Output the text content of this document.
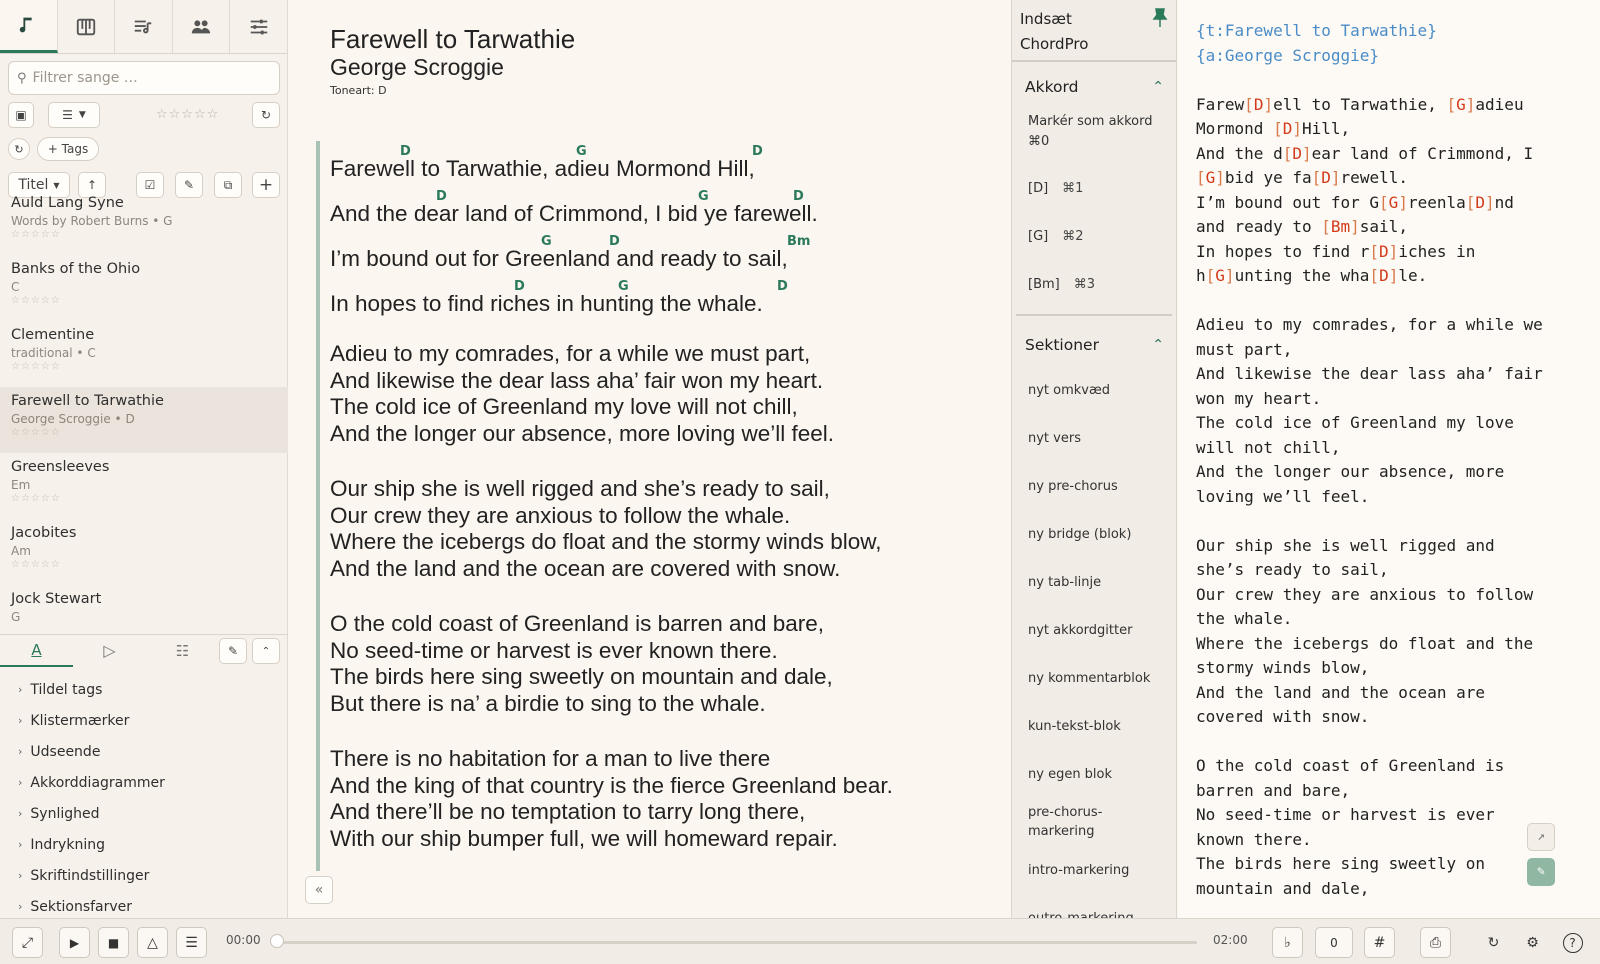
⚲
Filtrer sange …
▣	☰ ▼	☆☆☆☆☆	↻
↻ + Tags
Titel ▼ ↑	☑ ✎ ⧉ +
Auld Lang Syne
Words by Robert Burns • G
☆☆☆☆☆
Banks of the Ohio
C
☆☆☆☆☆
Clementine
traditional • C
☆☆☆☆☆
Farewell to Tarwathie
George Scroggie • D
☆☆☆☆☆
Greensleeves
Em
☆☆☆☆☆
Jacobites
Am
☆☆☆☆☆
Jock Stewart
G
A	▷	☷	✎ ⌃
› Tildel tags
› Klistermærker
› Udseende
› Akkorddiagrammer
› Synlighed
› Indrykning
› Skriftindstillinger
› Sektionsfarver
Farewell to Tarwathie
George Scroggie
Toneart: D

Farewell to Tarwathie, adieu Mormond Hill,

D

	G

	D

And the dear land of Crimmond, I bid ye farewell.

D

	G

	D

I’m bound out for Greenland and ready to sail,

G

	D

	Bm

In hopes to find riches in hunting the whale.

D

	G

	D

Adieu to my comrades, for a while we must part,
And likewise the dear lass aha’ fair won my heart.
The cold ice of Greenland my love will not chill,
And the longer our absence, more loving we’ll feel.
Our ship she is well rigged and she’s ready to sail,
Our crew they are anxious to follow the whale.
Where the icebergs do float and the stormy winds blow,
And the land and the ocean are covered with snow.
O the cold coast of Greenland is barren and bare,
No seed-time or harvest is ever known there.
The birds here sing sweetly on mountain and dale,
But there is na’ a birdie to sing to the whale.
There is no habitation for a man to live there
And the king of that country is the fierce Greenland bear.
And there’ll be no temptation to tarry long there,
With our ship bumper full, we will homeward repair.
«
Indsæt ChordPro
Akkord	⌃
Markér som akkord
⌘0
[D] ⌘1
[G] ⌘2
[Bm] ⌘3
Sektioner	⌃
nyt omkvæd
nyt vers
ny pre-chorus
ny bridge (blok)
ny tab-linje
nyt akkordgitter
ny kommentarblok
kun-tekst-blok
ny egen blok
pre-chorus-markering
intro-markering
{t:Farewell to Tarwathie}
{a:George Scroggie}

Farew[D]ell to Tarwathie, [G]adieu
Mormond [D]Hill,
And the d[D]ear land of Crimmond, I
[G]bid ye fa[D]rewell.
I’m bound out for G[G]reenla[D]nd
and ready to [Bm]sail,
In hopes to find r[D]iches in
h[G]unting the wha[D]le.

Adieu to my comrades, for a while we
must part,
And likewise the dear lass aha’ fair
won my heart.
The cold ice of Greenland my love
will not chill,
And the longer our absence, more
loving we’ll feel.

Our ship she is well rigged and
she’s ready to sail,
Our crew they are anxious to follow
the whale.
Where the icebergs do float and the
stormy winds blow,
And the land and the ocean are
covered with snow.

O the cold coast of Greenland is
barren and bare,
No seed-time or harvest is ever
known there.
The birds here sing sweetly on
mountain and dale,
↗
✎
⤢	▶ ■ △ ☰ 00:00	02:00	♭	0	#	⎙	↻ ⚙	?
